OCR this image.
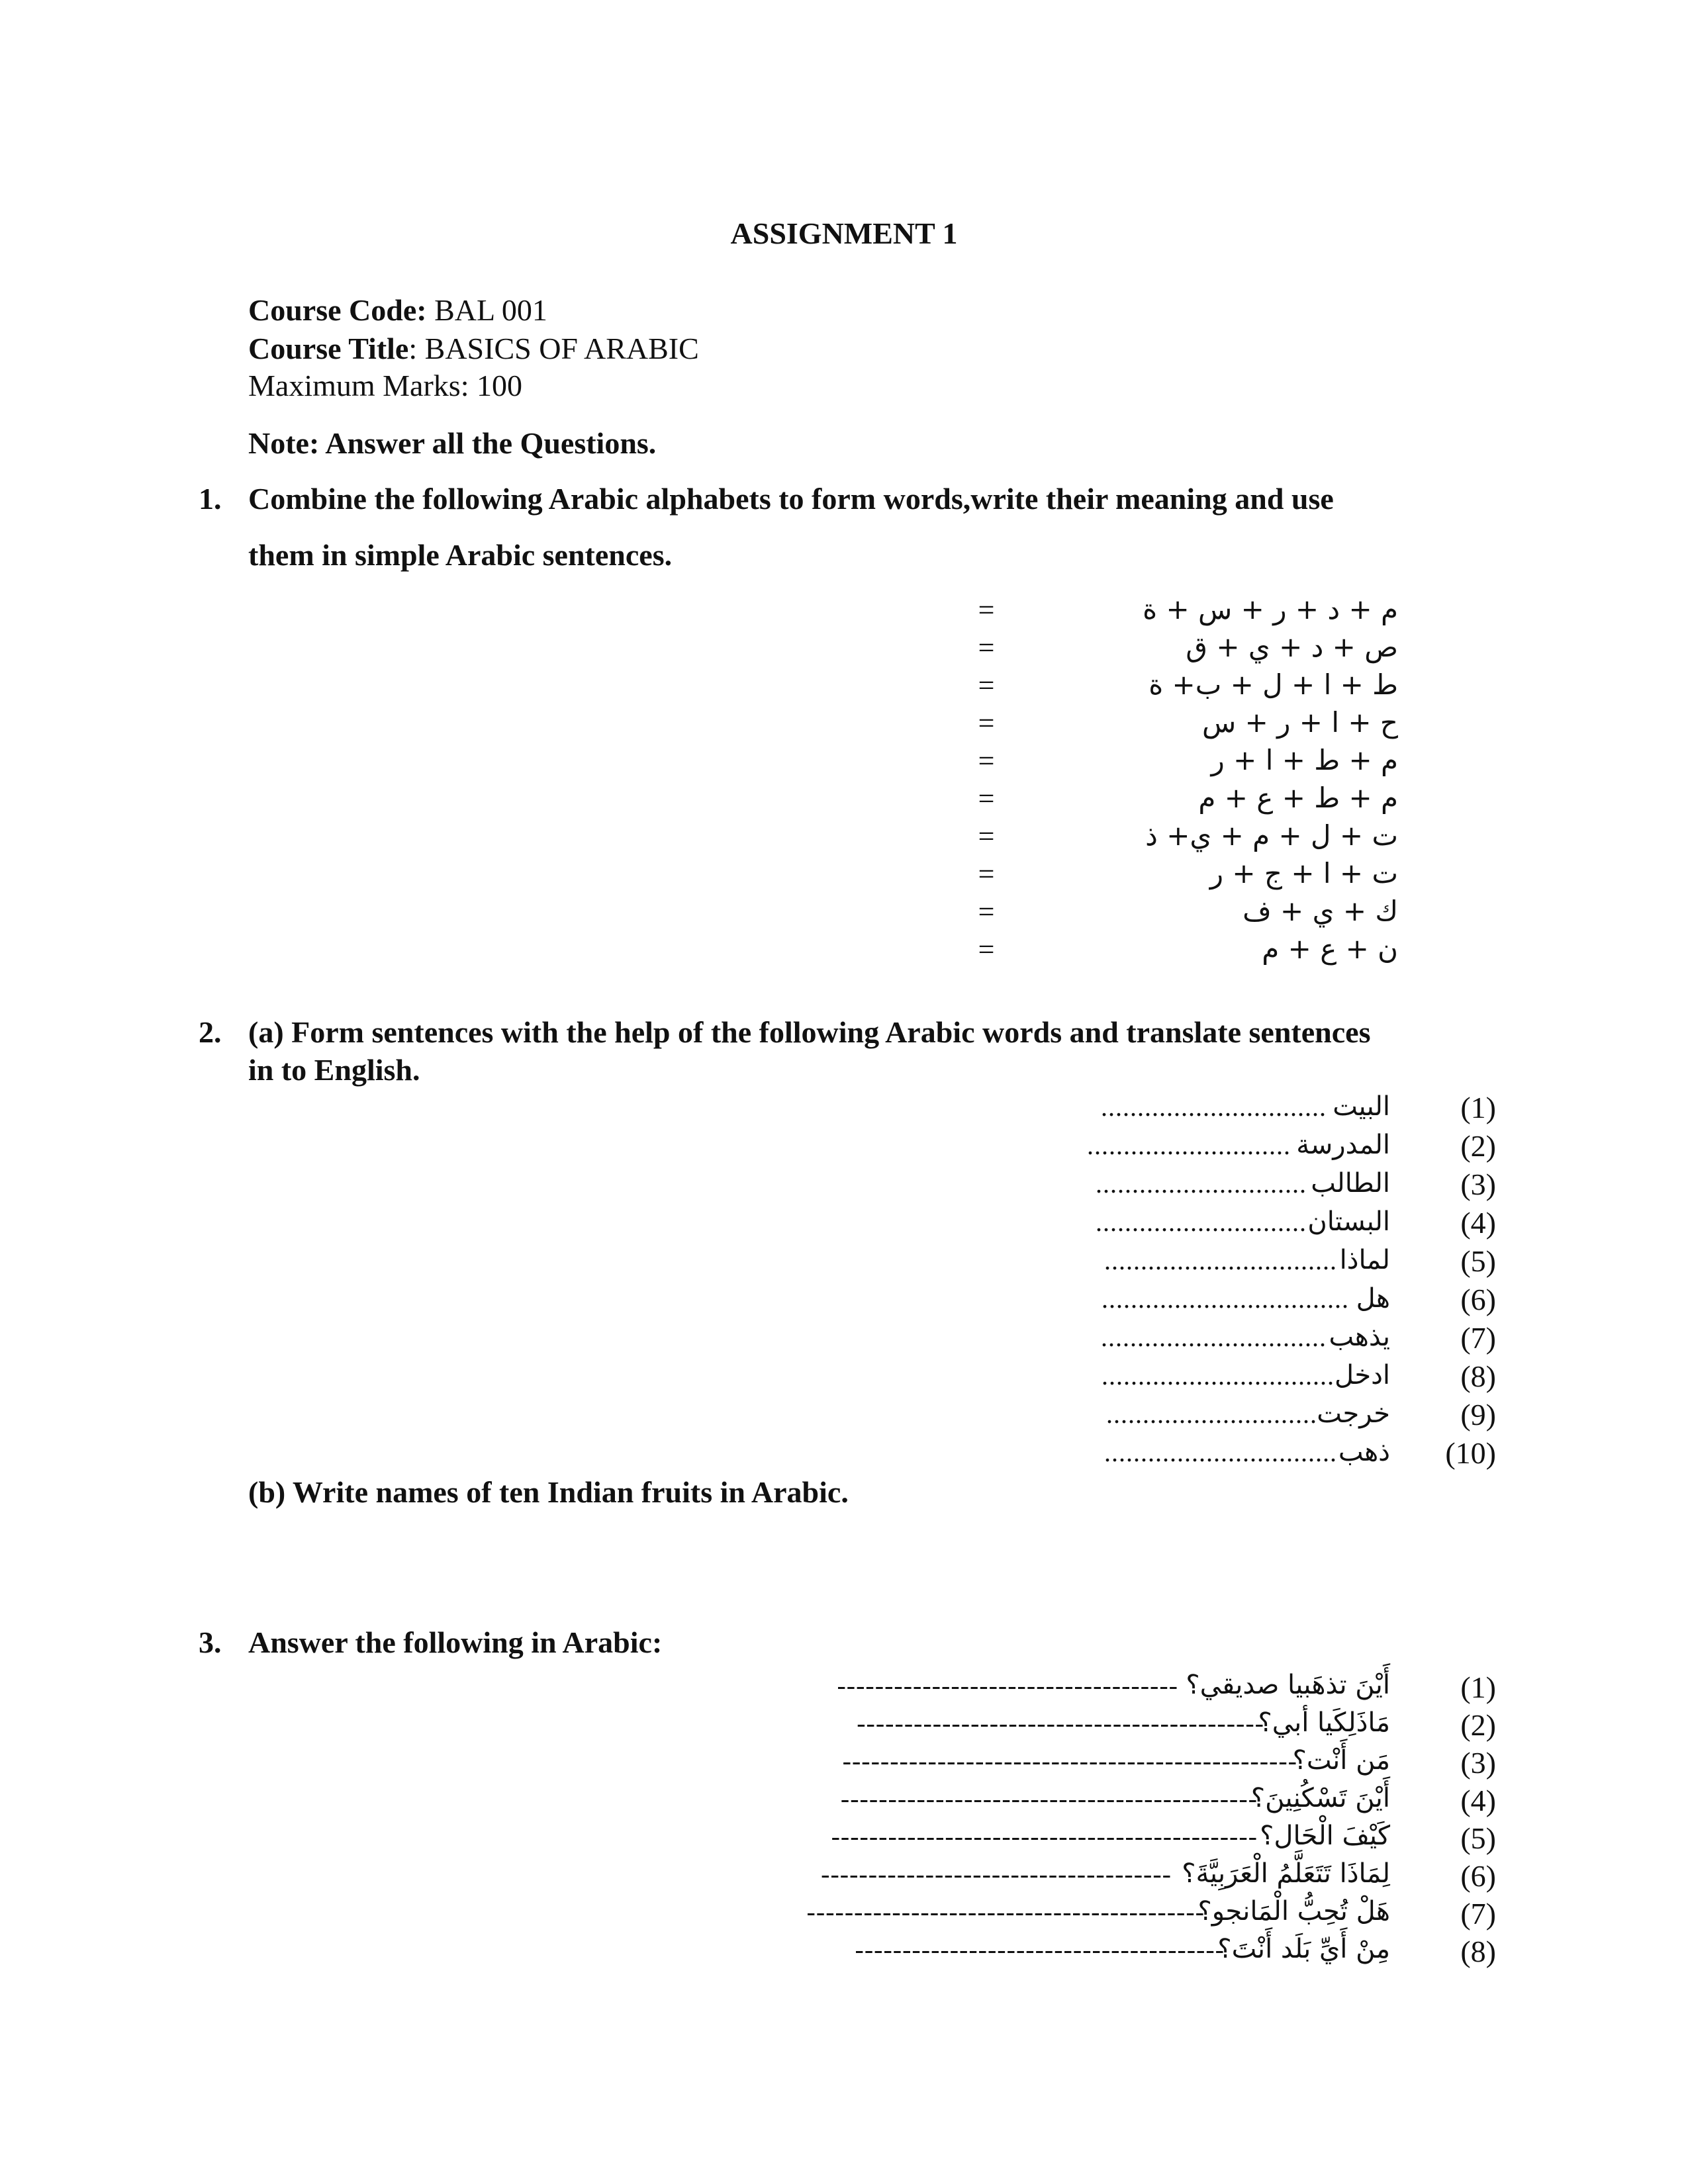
ASSIGNMENT 1
Course Code: BAL 001
Course Title: BASICS OF ARABIC
Maximum Marks: 100
Note: Answer all the Questions.
1. Combine the following Arabic alphabets to form words,write their meaning and use
them in simple Arabic sentences.
=	م + د + ر + س + ة
=	ص + د + ي + ق
=	ط + ا + ل + ب+ ة
=	ح + ا + ر + س
=	م + ط + ا + ر
=	م + ط + ع + م
=	ت + ل + م + ي+ ذ
=	ت + ا + ج + ر
=	ك + ي + ف
=	ن + ع + م
2. (a) Form sentences with the help of the following Arabic words and translate sentences
in to English.
(1)
البيت
...............................
(2)
المدرسة
............................
(3)
الطالب
.............................
(4)
البستان
.............................
(5)
لماذا
................................
(6)
هل
..................................
(7)
يذهب
...............................
(8)
ادخل
................................
(9)
خرجت
.............................
(10)
ذهب
................................
(b) Write names of ten Indian fruits in Arabic.
3. Answer the following in Arabic:
(1)
أَيْنَ تذهَبيا صديقي؟
------------------------------------
(2)
مَاذَلِكَيا أبي؟
-------------------------------------------
(3)
مَن أَنْت؟
------------------------------------------------
(4)
أَيْنَ تَسْكُنِينَ؟
--------------------------------------------
(5)
كَيْفَ الْحَال؟
---------------------------------------------
(6)
لِمَاذَا تَتَعَلَّمُ الْعَرَبِيَّةَ؟
-------------------------------------
(7)
هَلْ تُحِبُّ الْمَانجو؟
------------------------------------------
(8)
مِنْ أَيِّ بَلَد أَنْتَ؟
---------------------------------------
